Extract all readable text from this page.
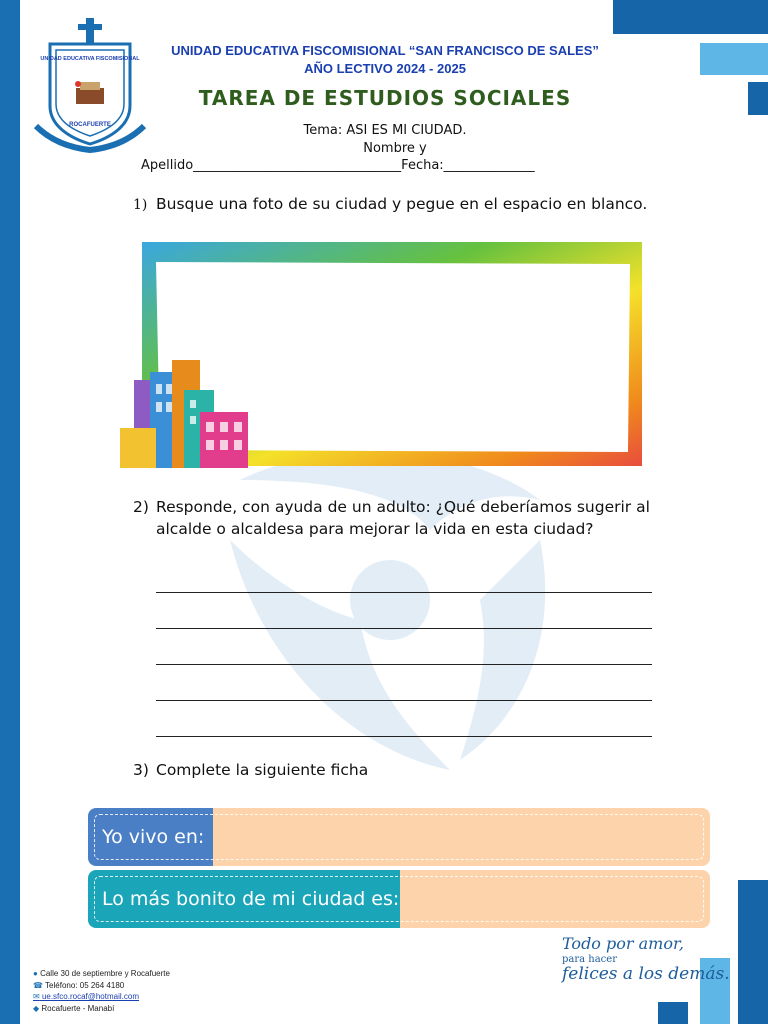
UNIDAD EDUCATIVA FISCOMISIONAL
ROCAFUERTE
UNIDAD EDUCATIVA FISCOMISIONAL “SAN FRANCISCO DE SALES”
AÑO LECTIVO 2024 - 2025
TAREA DE ESTUDIOS SOCIALES
Tema: ASI ES MI CIUDAD.
Nombre y
Apellido________________________________Fecha:______________
1) Busque una foto de su ciudad y pegue en el espacio en blanco.
2) Responde, con ayuda de un adulto: ¿Qué deberíamos sugerir al alcalde o alcaldesa para mejorar la vida en esta ciudad?
3) Complete la siguiente ficha
Yo vivo en:
Lo más bonito de mi ciudad es:
● Calle 30 de septiembre y Rocafuerte
☎ Teléfono: 05 264 4180
✉ ue.sfco.rocaf@hotmail.com
◆ Rocafuerte - Manabí
Todo por amor,
para hacer
felices a los demás.
